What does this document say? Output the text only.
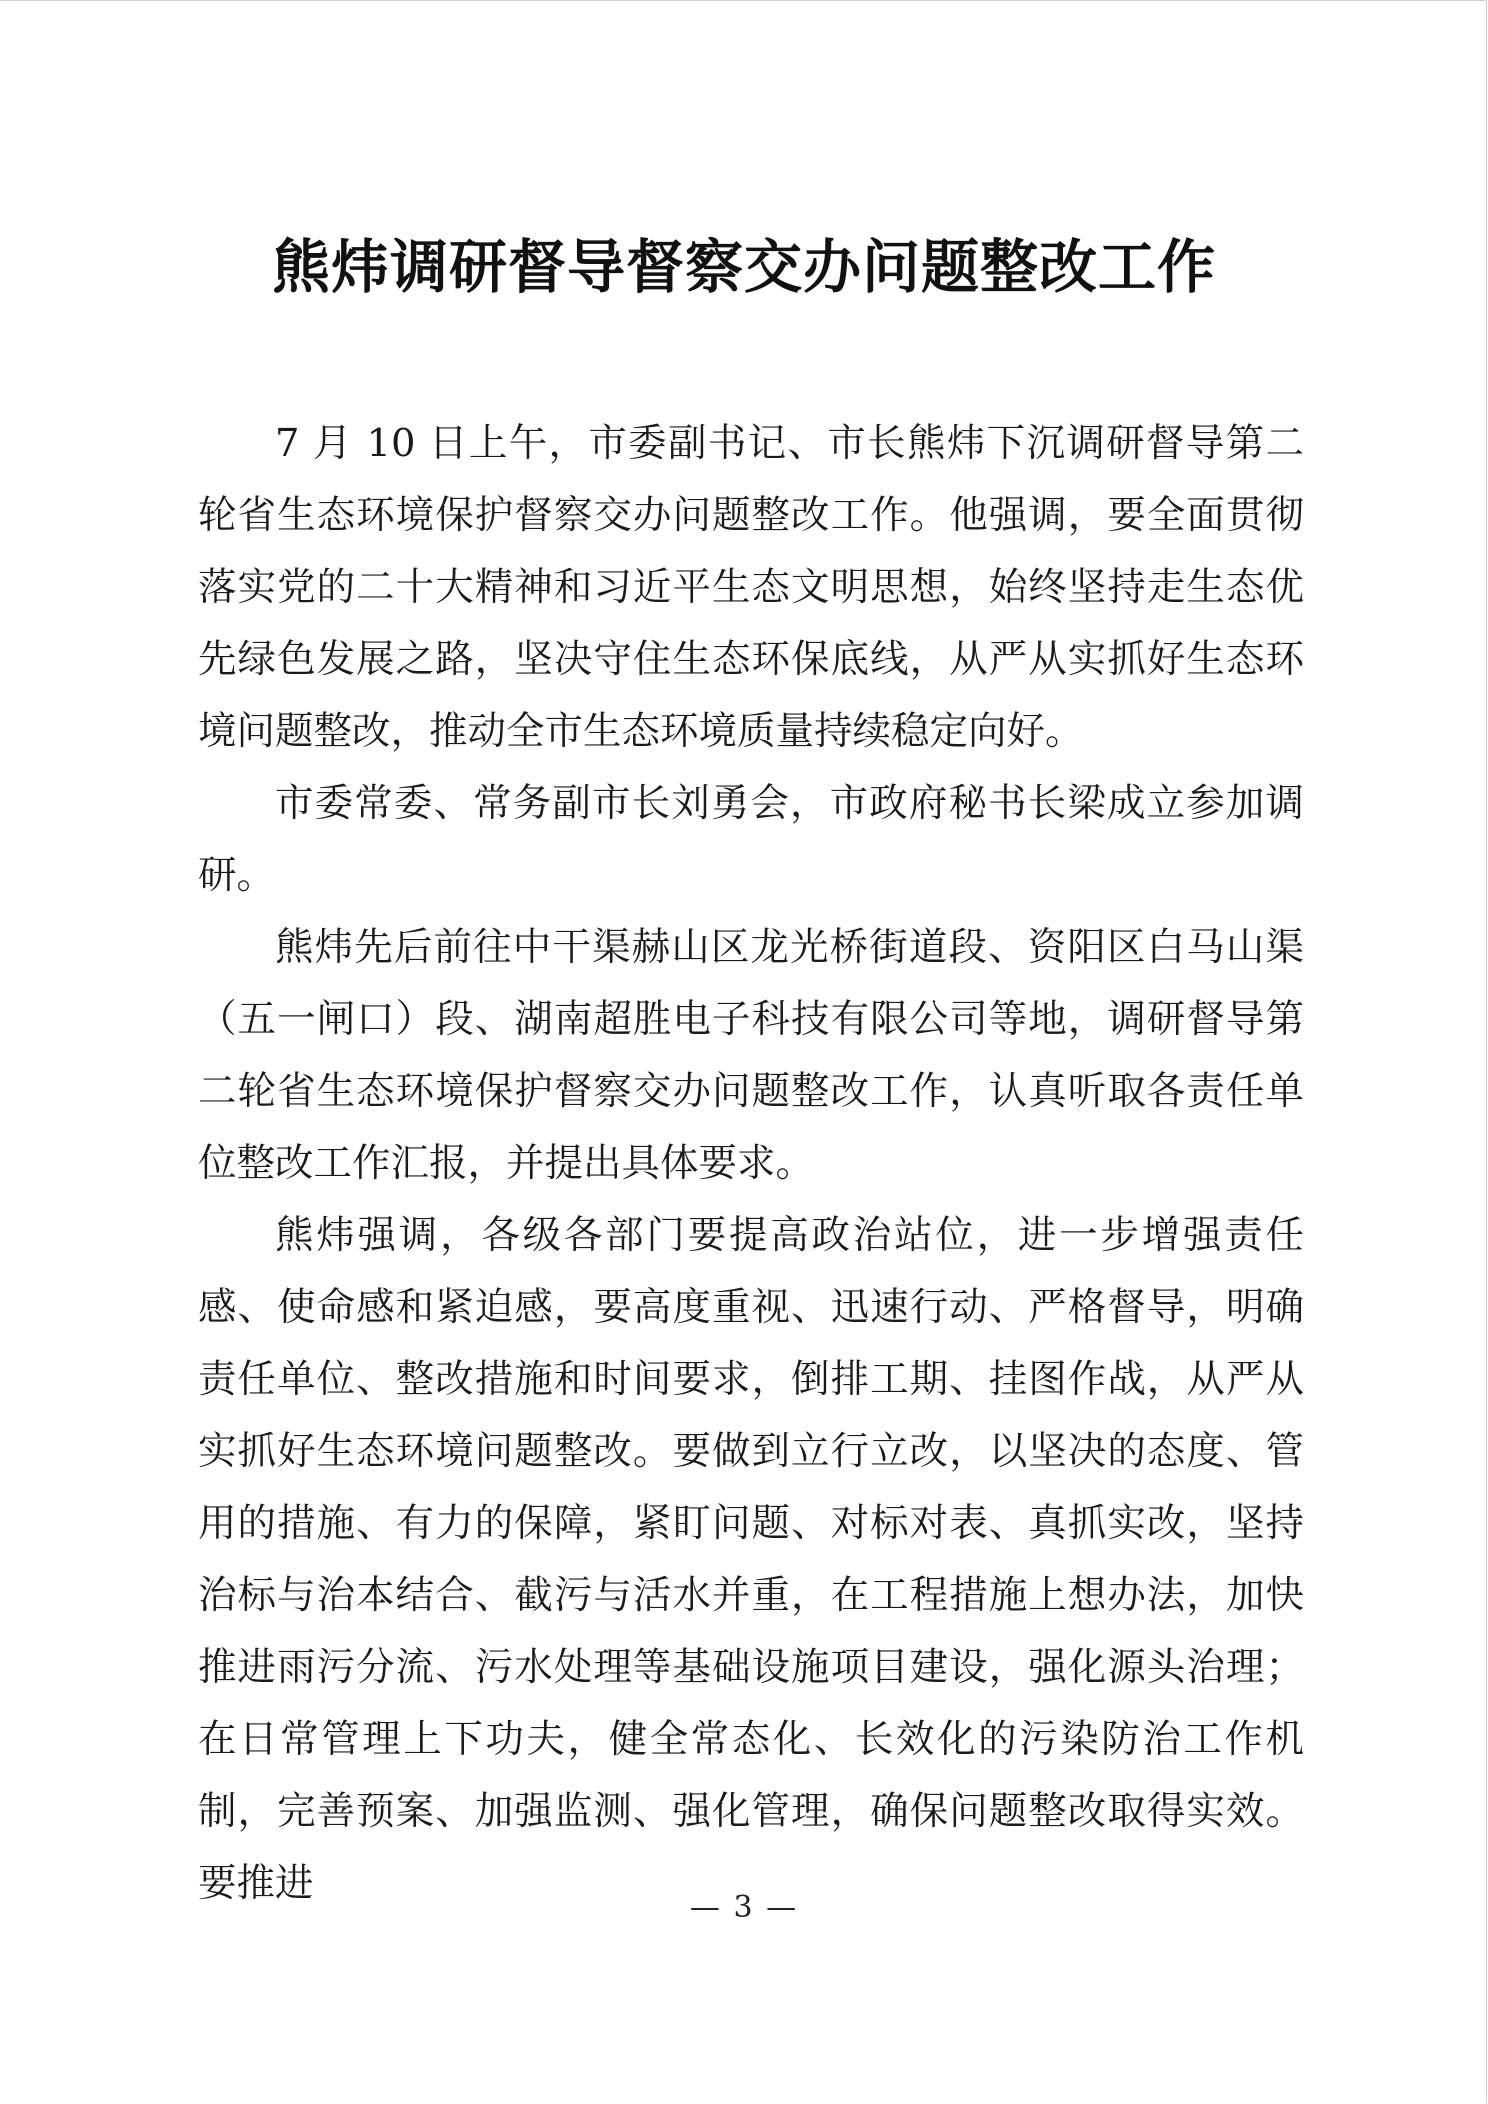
熊炜调研督导督察交办问题整改工作

7 月 10 日上午，市委副书记、市长熊炜下沉调研督导第二轮省生态环境保护督察交办问题整改工作。他强调，要全面贯彻落实党的二十大精神和习近平生态文明思想，始终坚持走生态优先绿色发展之路，坚决守住生态环保底线，从严从实抓好生态环境问题整改，推动全市生态环境质量持续稳定向好。

市委常委、常务副市长刘勇会，市政府秘书长梁成立参加调研。

熊炜先后前往中干渠赫山区龙光桥街道段、资阳区白马山渠（五一闸口）段、湖南超胜电子科技有限公司等地，调研督导第二轮省生态环境保护督察交办问题整改工作，认真听取各责任单位整改工作汇报，并提出具体要求。

熊炜强调，各级各部门要提高政治站位，进一步增强责任感、使命感和紧迫感，要高度重视、迅速行动、严格督导，明确责任单位、整改措施和时间要求，倒排工期、挂图作战，从严从实抓好生态环境问题整改。要做到立行立改，以坚决的态度、管用的措施、有力的保障，紧盯问题、对标对表、真抓实改，坚持治标与治本结合、截污与活水并重，在工程措施上想办法，加快推进雨污分流、污水处理等基础设施项目建设，强化源头治理；在日常管理上下功夫，健全常态化、长效化的污染防治工作机制，完善预案、加强监测、强化管理，确保问题整改取得实效。要推进

— 3 —
